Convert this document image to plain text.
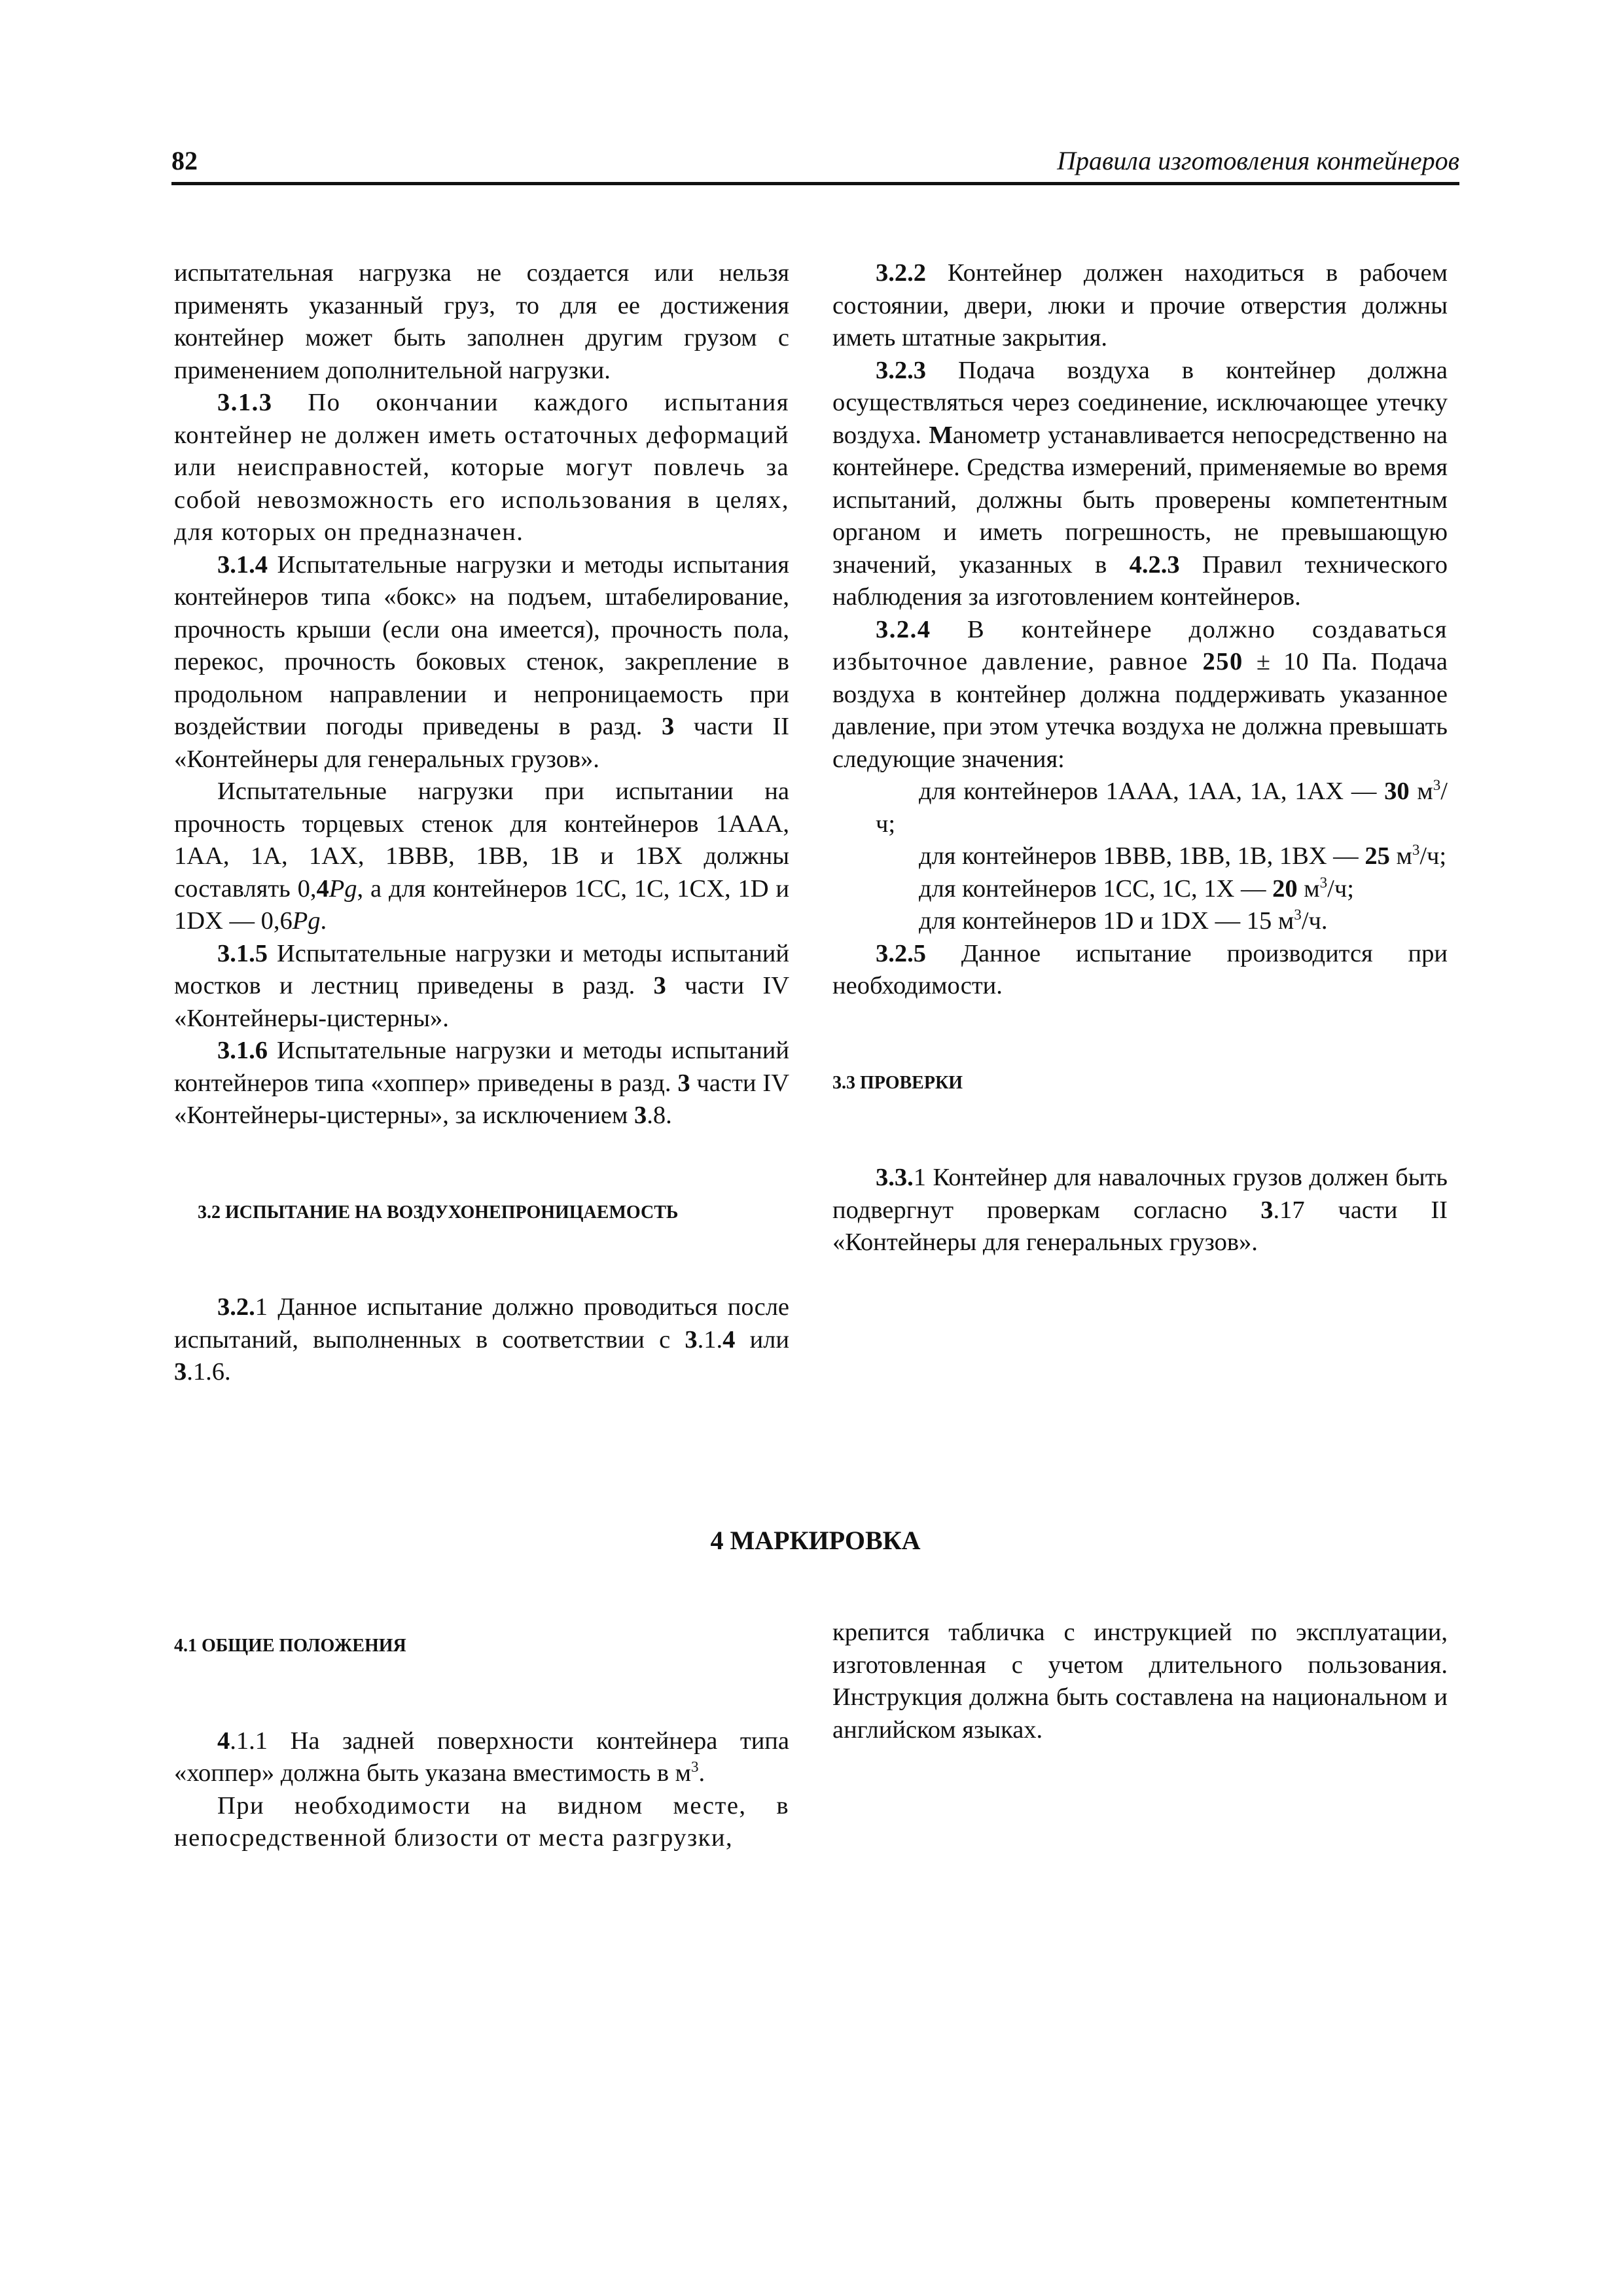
82	Правила изготовления контейнеров

испытательная нагрузка не создается или нельзя применять указанный груз, то для ее достижения контейнер может быть заполнен другим грузом с применением дополнительной нагрузки.

3.1.3 По окончании каждого испытания контейнер не должен иметь остаточных деформаций или неисправностей, которые могут повлечь за собой невозможность его использования в целях, для которых он предназначен.

3.1.4 Испытательные нагрузки и методы испытания контейнеров типа «бокс» на подъем, штабелирование, прочность крыши (если она имеется), прочность пола, перекос, прочность боковых стенок, закрепление в продольном направлении и непроницаемость при воздействии погоды приведены в разд. 3 части II «Контейнеры для генеральных грузов».

Испытательные нагрузки при испытании на прочность торцевых стенок для контейнеров 1AAA, 1AA, 1A, 1AX, 1BBB, 1BB, 1B и 1BX должны составлять 0,4Pg, а для контейнеров 1CC, 1C, 1CX, 1D и 1DX — 0,6Pg.

3.1.5 Испытательные нагрузки и методы испытаний мостков и лестниц приведены в разд. 3 части IV «Контейнеры-цистерны».

3.1.6 Испытательные нагрузки и методы испытаний контейнеров типа «хоппер» приведены в разд. 3 части IV «Контейнеры-цистерны», за исключением 3.8.

3.2 ИСПЫТАНИЕ НА ВОЗДУХОНЕПРОНИЦАЕМОСТЬ

3.2.1 Данное испытание должно проводиться после испытаний, выполненных в соответствии с 3.1.4 или 3.1.6.

3.2.2 Контейнер должен находиться в рабочем состоянии, двери, люки и прочие отверстия должны иметь штатные закрытия.

3.2.3 Подача воздуха в контейнер должна осуществляться через соединение, исключающее утечку воздуха. Манометр устанавливается непосредственно на контейнере. Средства измерений, применяемые во время испытаний, должны быть проверены компетентным органом и иметь погрешность, не превышающую значений, указанных в 4.2.3 Правил технического наблюдения за изготовлением контейнеров.

3.2.4 В контейнере должно создаваться избыточное давление, равное 250 ± 10 Па. Подача воздуха в контейнер должна поддерживать указанное давление, при этом утечка воздуха не должна превышать следующие значения:

для контейнеров 1AAA, 1AA, 1A, 1AX — 30 $м^3/ч$;

для контейнеров 1BBB, 1BB, 1B, 1BX — 25 $м^3/ч$;

для контейнеров 1CC, 1C, 1X — 20 $м^3/ч$;

для контейнеров 1D и 1DX — 15 $м^3/ч$.

3.2.5 Данное испытание производится при необходимости.

3.3 ПРОВЕРКИ

3.3.1 Контейнер для навалочных грузов должен быть подвергнут проверкам согласно 3.17 части II «Контейнеры для генеральных грузов».

4 МАРКИРОВКА

4.1 ОБЩИЕ ПОЛОЖЕНИЯ

4.1.1 На задней поверхности контейнера типа «хоппер» должна быть указана вместимость в $м^3$.

При необходимости на видном месте, в непосредственной близости от места разгрузки,

крепится табличка с инструкцией по эксплуатации, изготовленная с учетом длительного пользования. Инструкция должна быть составлена на национальном и английском языках.
